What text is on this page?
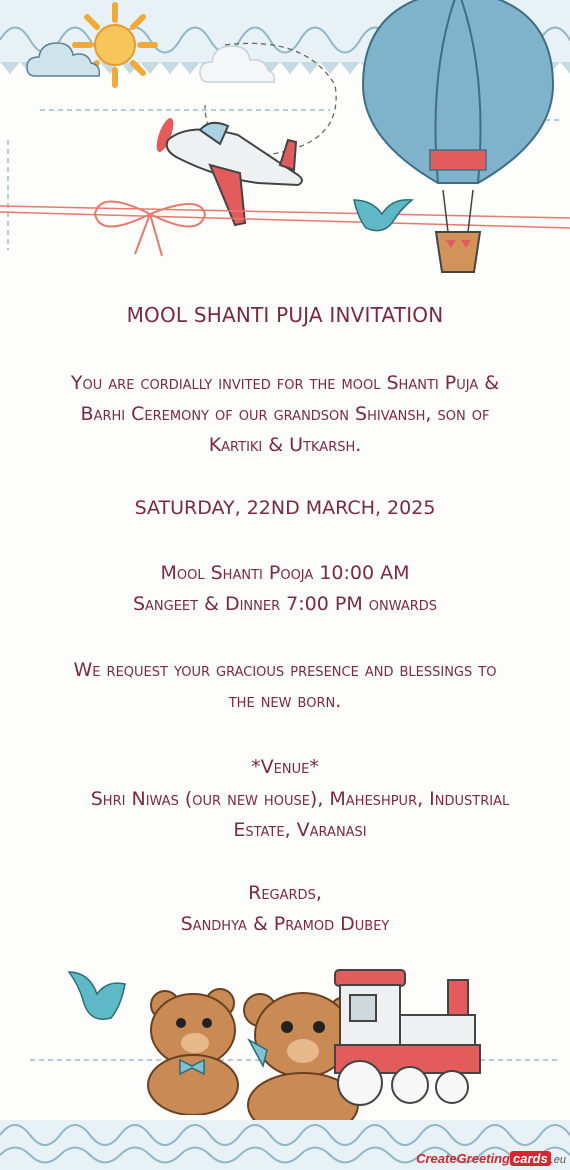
MOOL SHANTI PUJA INVITATION
You are cordially invited for the mool Shanti Puja &
Barhi Ceremony of our grandson Shivansh, son of
Kartiki & Utkarsh.
SATURDAY, 22ND MARCH, 2025
Mool Shanti Pooja 10:00 AM
Sangeet & Dinner 7:00 PM onwards
We request your gracious presence and blessings to
the new born.
*Venue*
Shri Niwas (our new house), Maheshpur, Industrial
Estate, Varanasi
Regards,
Sandhya & Pramod Dubey
CreateGreeting cards .eu
